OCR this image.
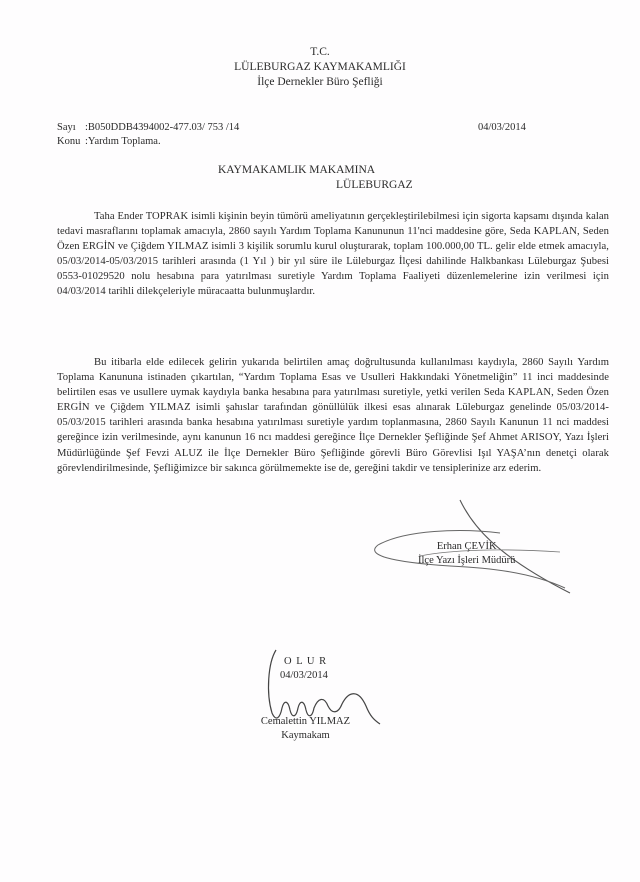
T.C.
LÜLEBURGAZ KAYMAKAMLIĞI
İlçe Dernekler Büro Şefliği
Sayı :B050DDB4394002-477.03/ 753 /14
Konu :Yardım Toplama.
04/03/2014
KAYMAKAMLIK MAKAMINA
LÜLEBURGAZ

Taha Ender TOPRAK isimli kişinin beyin tümörü ameliyatının gerçekleştirilebilmesi için sigorta kapsamı dışında kalan tedavi masraflarını toplamak amacıyla, 2860 sayılı Yardım Toplama Kanununun 11'nci maddesine göre, Seda KAPLAN, Seden Özen ERGİN ve Çiğdem YILMAZ isimli 3 kişilik sorumlu kurul oluşturarak, toplam 100.000,00 TL. gelir elde etmek amacıyla, 05/03/2014-05/03/2015 tarihleri arasında (1 Yıl ) bir yıl süre ile Lüleburgaz İlçesi dahilinde Halkbankası Lüleburgaz Şubesi 0553-01029520 nolu hesabına para yatırılması suretiyle Yardım Toplama Faaliyeti düzenlemelerine izin verilmesi için 04/03/2014 tarihli dilekçeleriyle müracaatta bulunmuşlardır.

Bu itibarla elde edilecek gelirin yukarıda belirtilen amaç doğrultusunda kullanılması kaydıyla, 2860 Sayılı Yardım Toplama Kanununa istinaden çıkartılan, “Yardım Toplama Esas ve Usulleri Hakkındaki Yönetmeliğin” 11 inci maddesinde belirtilen esas ve usullere uymak kaydıyla banka hesabına para yatırılması suretiyle, yetki verilen Seda KAPLAN, Seden Özen ERGİN ve Çiğdem YILMAZ isimli şahıslar tarafından gönüllülük ilkesi esas alınarak Lüleburgaz genelinde 05/03/2014-05/03/2015 tarihleri arasında banka hesabına yatırılması suretiyle yardım toplanmasına, 2860 Sayılı Kanunun 11 nci maddesi gereğince izin verilmesinde, aynı kanunun 16 ncı maddesi gereğince İlçe Dernekler Şefliğinde Şef Ahmet ARISOY, Yazı İşleri Müdürlüğünde Şef Fevzi ALUZ ile İlçe Dernekler Büro Şefliğinde görevli Büro Görevlisi Işıl YAŞA’nın denetçi olarak görevlendirilmesinde, Şefliğimizce bir sakınca görülmemekte ise de, gereğini takdir ve tensiplerinize arz ederim.

Erhan ÇEVİK
İlçe Yazı İşleri Müdürü
O L U R
04/03/2014
Cemalettin YILMAZ
Kaymakam
